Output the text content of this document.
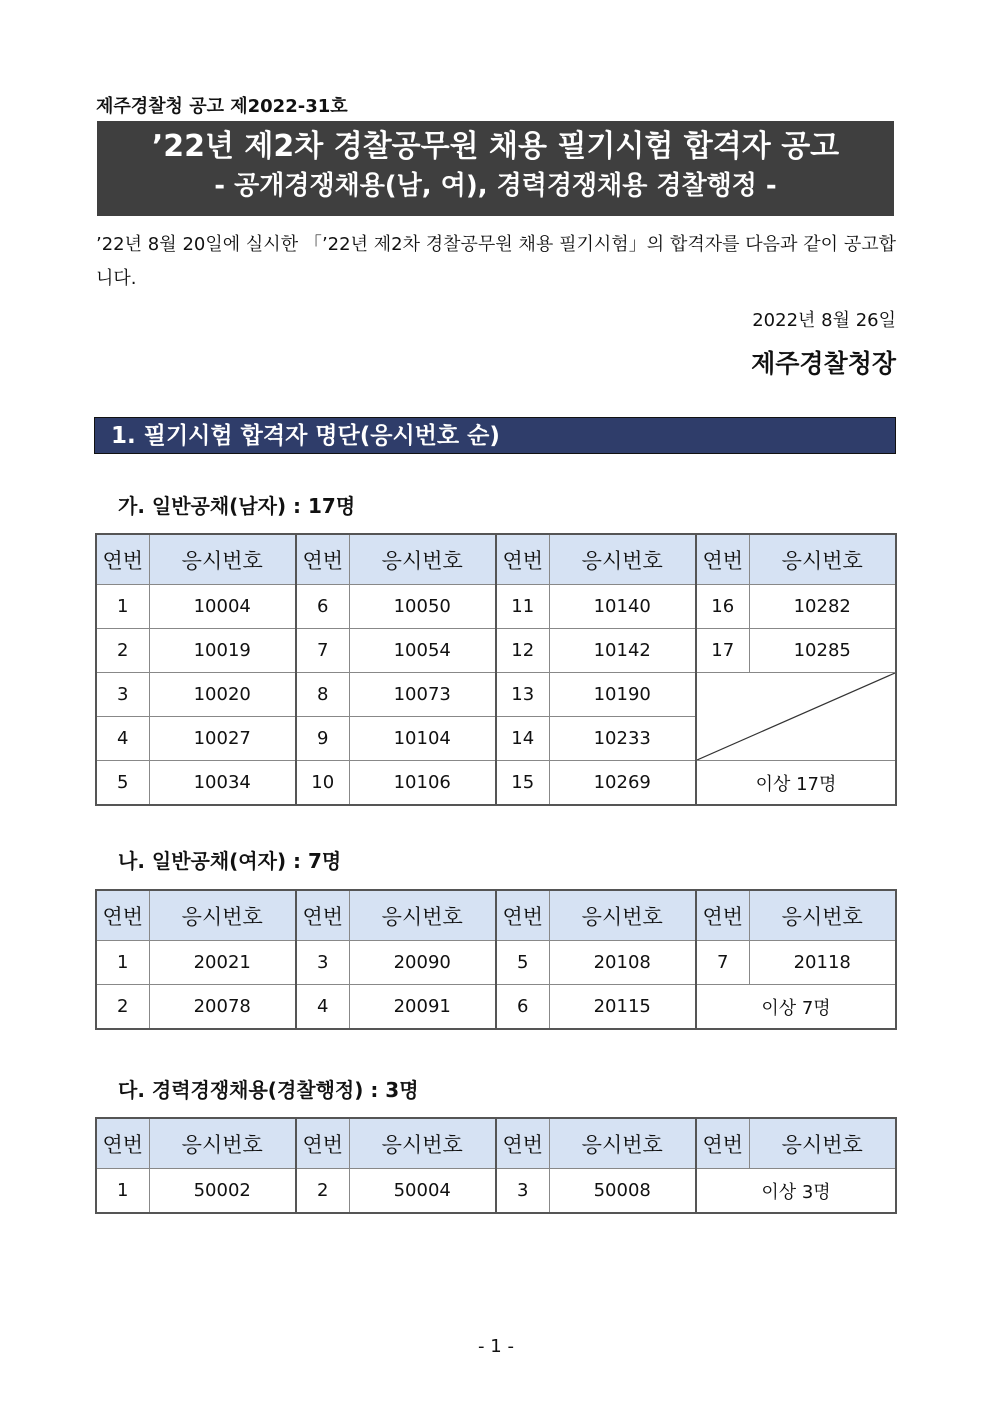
제주경찰청 공고 제2022-31호
’22년 제2차 경찰공무원 채용 필기시험 합격자 공고
- 공개경쟁채용(남, 여), 경력경쟁채용 경찰행정 -
’22년 8월 20일에 실시한 「’22년 제2차 경찰공무원 채용 필기시험」의 합격자를 다음과 같이 공고합니다.
2022년 8월 26일
제주경찰청장
1. 필기시험 합격자 명단(응시번호 순)
가. 일반공채(남자) : 17명
연번	응시번호	연번	응시번호	연번	응시번호	연번	응시번호
1	10004	6	10050	11	10140	16	10282
2	10019	7	10054	12	10142	17	10285
3	10020	8	10073	13	10190	

4	10027	9	10104	14	10233		
5	10034	10	10106	15	10269	이상 17명	
나. 일반공채(여자) : 7명
연번	응시번호	연번	응시번호	연번	응시번호	연번	응시번호
1	20021	3	20090	5	20108	7	20118
2	20078	4	20091	6	20115	이상 7명	
다. 경력경쟁채용(경찰행정) : 3명
연번	응시번호	연번	응시번호	연번	응시번호	연번	응시번호
1	50002	2	50004	3	50008	이상 3명	
- 1 -
